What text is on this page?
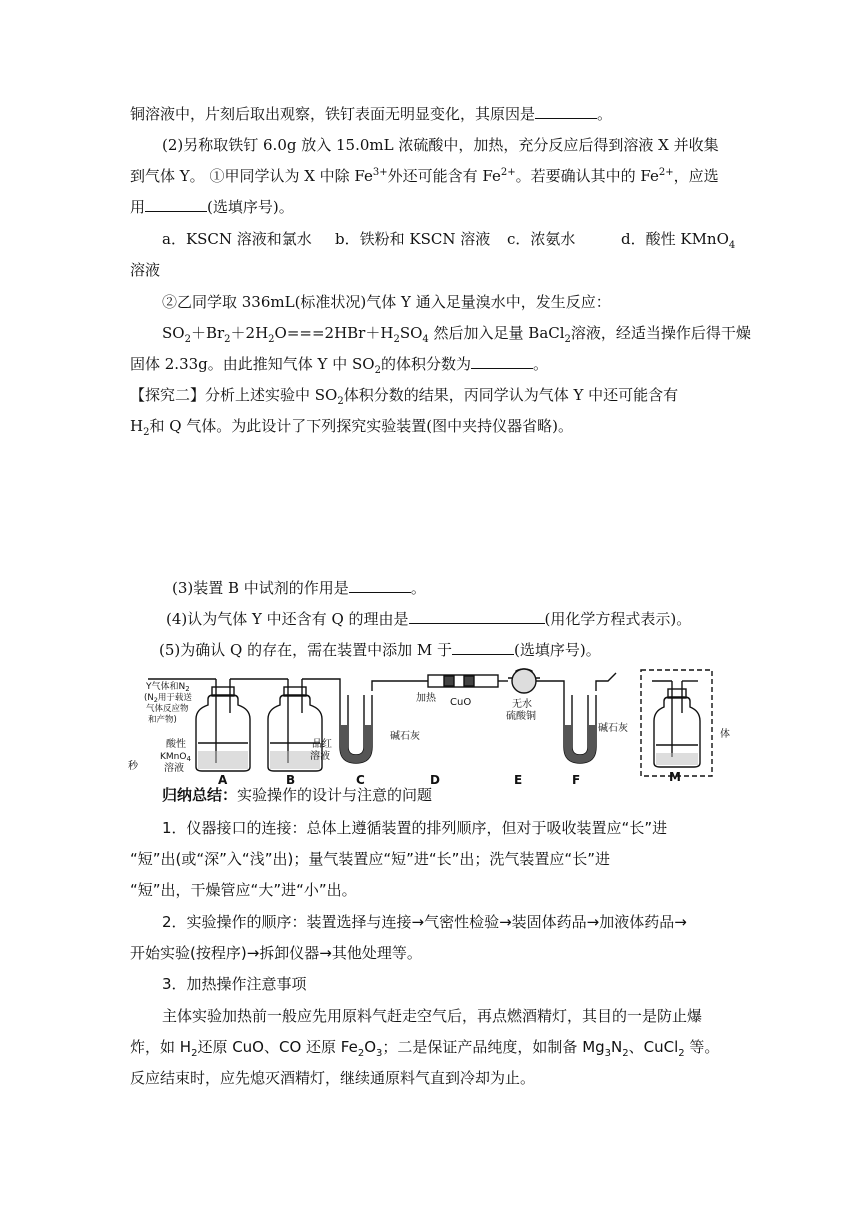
铜溶液中，片刻后取出观察，铁钉表面无明显变化，其原因是	。
(2)另称取铁钉 6.0g 放入 15.0mL 浓硫酸中，加热，充分反应后得到溶液 X 并收集
到气体 Y。 ①甲同学认为 X 中除 $Fe^{3+}$外还可能含有 $Fe^{2+}$。若要确认其中的 $Fe^{2+}$，应选
用	(选填序号)。
a．KSCN 溶液和氯水 b．铁粉和 KSCN 溶液 c．浓氨水	d．酸性 KMnO$_4$
溶液
②乙同学取 336mL(标准状况)气体 Y 通入足量溴水中，发生反应：
$SO_2+Br_2+2H_2O===2HBr+H_2SO_4$ 然后加入足量 BaCl$_2$溶液，经适当操作后得干燥
固体 2.33g。由此推知气体 Y 中 $SO_2$的体积分数为	。
【探究二】分析上述实验中 $SO_2$体积分数的结果，丙同学认为气体 Y 中还可能含有
$H_2$和 Q 气体。为此设计了下列探究实验装置(图中夹持仪器省略)。
(3)装置 B 中试剂的作用是	。
(4)认为气体 Y 中还含有 Q 的理由是	(用化学方程式表示)。
(5)为确认 Q 的存在，需在装置中添加 M 于	(选填序号)。
Y气体和$N_2$
($N_2$用于载送
气体反应物
和产物)
酸性
KMnO$_4$
溶液
品红
溶液
碱石灰
加热 CuO	无水
硫酸铜
碱石灰
A	B	C	D	E	F	M
秒
体
归纳总结：实验操作的设计与注意的问题
1．仪器接口的连接：总体上遵循装置的排列顺序，但对于吸收装置应“长”进
“短”出(或“深”入“浅”出)；量气装置应“短”进“长”出；洗气装置应“长”进
“短”出，干燥管应“大”进“小”出。
2．实验操作的顺序：装置选择与连接→气密性检验→装固体药品→加液体药品→
开始实验(按程序)→拆卸仪器→其他处理等。
3．加热操作注意事项
主体实验加热前一般应先用原料气赶走空气后，再点燃酒精灯，其目的一是防止爆
炸，如 $H_2$还原 CuO、CO 还原 $Fe_2O_3$；二是保证产品纯度，如制备 $Mg_3N_2$、CuCl$_2$ 等。
反应结束时，应先熄灭酒精灯，继续通原料气直到冷却为止。
